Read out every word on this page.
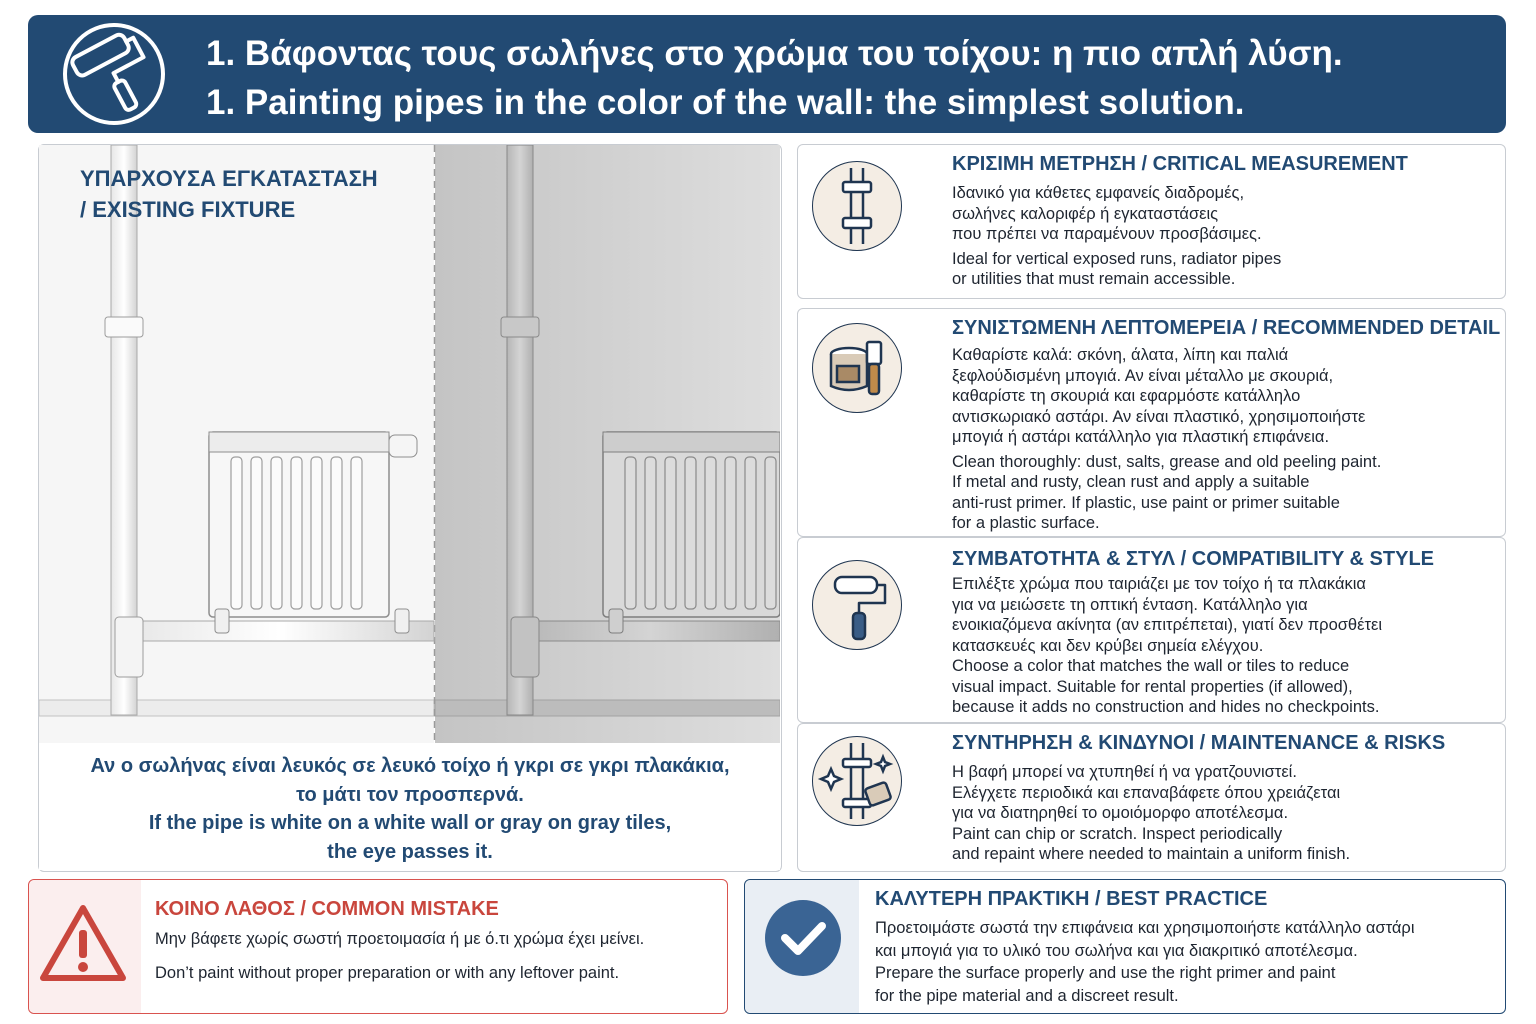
1. Βάφοντας τους σωλήνες στο χρώμα του τοίχου: η πιο απλή λύση.
1. Painting pipes in the color of the wall: the simplest solution.
ΥΠΑΡΧΟΥΣΑ ΕΓΚΑΤΑΣΤΑΣΗ
/ EXISTING FIXTURE
Αν ο σωλήνας είναι λευκός σε λευκό τοίχο ή γκρι σε γκρι πλακάκια,
το μάτι τον προσπερνά.
If the pipe is white on a white wall or gray on gray tiles,
the eye passes it.
ΚΡΙΣΙΜΗ ΜΕΤΡΗΣΗ / CRITICAL MEASUREMENT

Ιδανικό για κάθετες εμφανείς διαδρομές,

σωλήνες καλοριφέρ ή εγκαταστάσεις

που πρέπει να παραμένουν προσβάσιμες.

Ideal for vertical exposed runs, radiator pipes

or utilities that must remain accessible.

ΣΥΝΙΣΤΩΜΕΝΗ ΛΕΠΤΟΜΕΡΕΙΑ / RECOMMENDED DETAIL

Καθαρίστε καλά: σκόνη, άλατα, λίπη και παλιά

ξεφλούδισμένη μπογιά. Αν είναι μέταλλο με σκουριά,

καθαρίστε τη σκουριά και εφαρμόστε κατάλληλο

αντισκωριακό αστάρι. Αν είναι πλαστικό, χρησιμοποιήστε

μπογιά ή αστάρι κατάλληλο για πλαστική επιφάνεια.

Clean thoroughly: dust, salts, grease and old peeling paint.

If metal and rusty, clean rust and apply a suitable

anti-rust primer. If plastic, use paint or primer suitable

for a plastic surface.

ΣΥΜΒΑΤΟΤΗΤΑ & ΣΤΥΛ / COMPATIBILITY & STYLE

Επιλέξτε χρώμα που ταιριάζει με τον τοίχο ή τα πλακάκια

για να μειώσετε τη οπτική ένταση. Κατάλληλο για

ενοικιαζόμενα ακίνητα (αν επιτρέπεται), γιατί δεν προσθέτει

κατασκευές και δεν κρύβει σημεία ελέγχου.

Choose a color that matches the wall or tiles to reduce

visual impact. Suitable for rental properties (if allowed),

because it adds no construction and hides no checkpoints.

ΣΥΝΤΗΡΗΣΗ & ΚΙΝΔΥΝΟΙ / MAINTENANCE & RISKS

Η βαφή μπορεί να χτυπηθεί ή να γρατζουνιστεί.

Ελέγχετε περιοδικά και επαναβάφετε όπου χρειάζεται

για να διατηρηθεί το ομοιόμορφο αποτέλεσμα.

Paint can chip or scratch. Inspect periodically

and repaint where needed to maintain a uniform finish.

ΚΟΙΝΟ ΛΑΘΟΣ / COMMON MISTAKE
Μην βάφετε χωρίς σωστή προετοιμασία ή με ό.τι χρώμα έχει μείνει.
Don’t paint without proper preparation or with any leftover paint.
ΚΑΛΥΤΕΡΗ ΠΡΑΚΤΙΚΗ / BEST PRACTICE
Προετοιμάστε σωστά την επιφάνεια και χρησιμοποιήστε κατάλληλο αστάρι
και μπογιά για το υλικό του σωλήνα και για διακριτικό αποτέλεσμα.
Prepare the surface properly and use the right primer and paint
for the pipe material and a discreet result.
